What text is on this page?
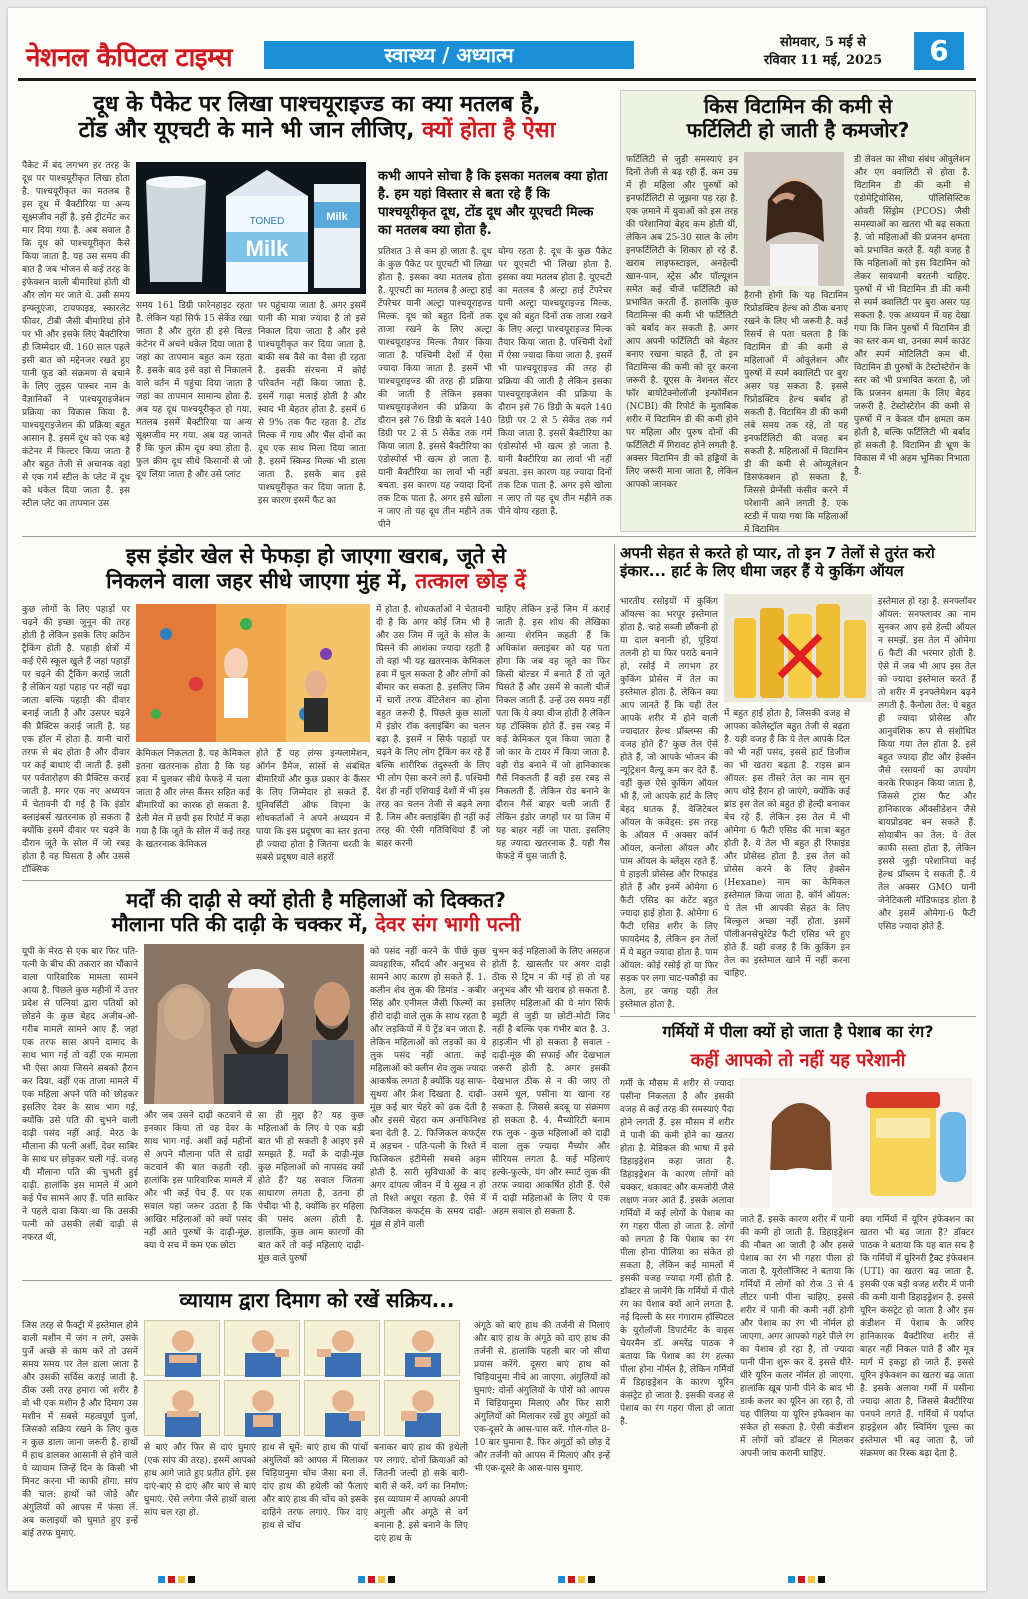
नेशनल कैपिटल टाइम्स	स्वास्थ्य / अध्यात्म
सोमवार, 5 मई से
रविवार 11 मई, 2025	6
दूध के पैकेट पर लिखा पाश्चयूराइज्ड का क्या मतलब है,
टोंड और यूएचटी के माने भी जान लीजिए, क्यों होता है ऐसा
TONED
Milk
Milk
कभी आपने सोचा है कि इसका मतलब क्या होता है. हम यहां विस्तार से बता रहे हैं कि पाश्चयूरीकृत दूध, टोंड दूध और यूएचटी मिल्क का मतलब क्या होता है.
पैकेट में बंद लगभग हर तरह के दूध पर पाश्चयूरीकृत लिखा होता है. पाश्चयूरीकृत का मतलब है इस दूध में बैक्टीरिया या अन्य सूक्ष्मजीव नहीं है. इसे ट्रीटमेंट कर मार दिया गया है. अब सवाल है कि दूध को पाश्चयूरीकृत कैसे किया जाता है. यह उस समय की बात है जब भोजन से कई तरह के इंफेक्शन वाली बीमारियां होती थी और लोग मर जाते थे. उसी समय इन्फ्लूएंजा, टायफाइड, स्कारलेट फीवर, टीबी जैसी बीमारियां होने पर भी और इसके लिए बैक्टीरिया ही जिम्मेदार थी. 160 साल पहले इसी बात को मद्देनजर रखते हुए पानी फूड को संक्रमण से बचाने के लिए लुइस पास्चर नाम के वैज्ञानिकों ने पाश्चयूराइजेशन प्रक्रिया का विकास किया है. पाश्चयूराइजेशन की प्रक्रिया बहुत आसान है. इसमें दूध को एक बड़े कंटेनर में फिल्टर किया जाता है और बहुत तेजी से अचानक वहां से एक गर्म स्टील के प्लेट में दूध को धकेल दिया जाता है. इस स्टील प्लेट का तापमान उस
समय 161 डिग्री फारेनहाइट रहता है. लेकिन यहां सिर्फ 15 सेकेंड रखा जाता है और तुरंत ही इसे चिल्ड कंटेनर में अचने धकेल दिया जाता है जहां का तापमान बहुत कम रहता है. इसके बाद इसे वहां से निकालने वाले वर्तन में पहुंचा दिया जाता है जहां का तापमान सामान्य होता है. अब यह दूध पाश्चयूरीकृत हो गया. मतलब इसमें बैक्टीरिया या अन्य सूक्ष्मजीव मर गया. अब यह जानते हैं कि फुल क्रीम दूध क्या होता है. फुल क्रीम दूध सीधे किसानों से जो दूध लिया जाता है और उसे प्लांट
पर पहुंचाया जाता है. अगर इसमें पानी की मात्रा ज्यादा है तो इसे निकाल दिया जाता है और इसे पाश्चयूरीकृत कर दिया जाता है. बाकी सब वैसे का वैसा ही रहता है. इसकी संरचना में कोई परिवर्तन नहीं किया जाता है. इसमें गाढ़ा मलाई होती है और स्वाद भी बेहतर होता है. इसमें 6 से 9% तक फैट रहता है. टोंड मिल्क में गाय और भैंस दोनों का दूध एक साथ मिला दिया जाता है. इसमें स्किम्ड मिल्क भी डाला जाता है. इसके बाद इसे पाश्चयूरीकृत कर दिया जाता है. इस कारण इसमें फैट का
प्रतिशत 3 से कम हो जाता है. दूध के कुछ पैकेट पर यूएचटी भी लिखा होता है. इसका क्या मतलब होता है. यूएचटी का मतलब है अल्ट्रा हाई टेंपरेचर यानी अल्ट्रा पाश्चयूराइज्ड मिल्क. दूध को बहुत दिनों तक ताजा रखने के लिए अल्ट्रा पाश्चयूराइज्ड मिल्क तैयार किया जाता है. पश्चिमी देशों में ऐसा ज्यादा किया जाता है. इसमें भी पाश्चयूराइज्ड की तरह ही प्रक्रिया की जाती है लेकिन इसका पाश्चयूराइजेशन की प्रक्रिया के दौरान इसे 76 डिग्री के बदले 140 डिग्री पर 2 से 5 सेकेंड तक गर्म किया जाता है. इससे बैक्टीरिया का एंडोस्पोर्स भी खत्म हो जाता है. यानी बैक्टीरिया का लार्वा भी नहीं बचता. इस कारण यह ज्यादा दिनों तक टिक पाता है. अगर इसे खोला न जाए तो यह दूध तीन महीने तक पीने
योग्य रहता है. दूध के कुछ पैकेट पर यूएचटी भी लिखा होता है. इसका क्या मतलब होता है. यूएचटी का मतलब है अल्ट्रा हाई टेंपरेचर यानी अल्ट्रा पाश्चयूराइज्ड मिल्क. दूध को बहुत दिनों तक ताजा रखने के लिए अल्ट्रा पाश्चयूराइज्ड मिल्क तैयार किया जाता है. पश्चिमी देशों में ऐसा ज्यादा किया जाता है. इसमें भी पाश्चयूराइज्ड की तरह ही प्रक्रिया की जाती है लेकिन इसका पाश्चयूराइजेशन की प्रक्रिया के दौरान इसे 76 डिग्री के बदले 140 डिग्री पर 2 से 5 सेकेंड तक गर्म किया जाता है. इससे बैक्टीरिया का एंडोस्पोर्स भी खत्म हो जाता है. यानी बैक्टीरिया का लार्वा भी नहीं बचता. इस कारण यह ज्यादा दिनों तक टिक पाता है. अगर इसे खोला न जाए तो यह दूध तीन महीने तक पीने योग्य रहता है.
किस विटामिन की कमी से
फर्टिलिटी हो जाती है कमजोर?
फर्टिलिटी से जुड़ी समस्याएं इन दिनों तेजी से बढ़ रही हैं. कम उम्र में ही महिला और पुरुषों को इनफर्टिलिटी से जूझना पड़ रहा है. एक ज़माने में युवाओं को इस तरह की परेशानियां बेहद कम होती थीं, लेकिन अब 25-30 साल के लोग इनफर्टिलिटी के शिकार हो रहे हैं. खराब लाइफस्टाइल, अनहेल्दी खान-पान, स्ट्रेस और पॉल्यूशन समेत कई चीजें फर्टिलिटी को प्रभावित करती हैं. हालांकि कुछ विटामिन्स की कमी भी फर्टिलिटी को बर्बाद कर सकती है. अगर आप अपनी फर्टिलिटी को बेहतर बनाए रखना चाहते हैं, तो इन विटामिन्स की कमी को दूर करना जरूरी है. यूएस के नेशनल सेंटर फॉर बायोटेक्नोलॉजी इन्फॉर्मेशन (NCBI) की रिपोर्ट के मुताबिक शरीर में विटामिन डी की कमी होने पर महिला और पुरुष दोनों की फर्टिलिटी में गिरावट होने लगती है. अक्सर विटामिन डी को हड्डियों के लिए जरूरी माना जाता है, लेकिन आपको जानकर
हैरानी होगी कि यह विटामिन रिप्रोडक्टिव हेल्थ को ठीक बनाए रखने के लिए भी जरूरी है. कई रिसर्च से पता चलता है कि विटामिन डी की कमी से महिलाओं में ओवुलेशन और पुरुषों में स्पर्म क्वालिटी पर बुरा असर पड़ सकता है. इससे रिप्रोडक्टिव हेल्थ बर्बाद हो सकती है. विटामिन डी की कमी लंबे समय तक रहे, तो यह इनफर्टिलिटी की वजह बन सकती है. महिलाओं में विटामिन डी की कमी से ओव्यूलेशन डिसफंक्शन हो सकता है, जिससे प्रेग्नेंसी कंसीव करने में परेशानी आने लगती है. एक स्टडी में पाया गया कि महिलाओं में विटामिन
डी लेवल का सीधा संबंध ओवुलेशन और एग क्वालिटी से होता है. विटामिन डी की कमी से एंडोमेट्रियोसिस, पॉलिसिस्टिक ओवरी सिंड्रोम (PCOS) जैसी समस्याओं का खतरा भी बढ़ सकता है. जो महिलाओं की प्रजनन क्षमता को प्रभावित करते हैं. यही वजह है कि महिलाओं को इस विटामिन को लेकर सावधानी बरतनी चाहिए. पुरुषों में भी विटामिन डी की कमी से स्पर्म क्वालिटी पर बुरा असर पड़ सकता है. एक अध्ययन में यह देखा गया कि जिन पुरुषों में विटामिन डी का स्तर कम था, उनका स्पर्म काउंट और स्पर्म मोटिलिटी कम थी. विटामिन डी पुरुषों के टेस्टोस्टेरोन के स्तर को भी प्रभावित करता है, जो कि प्रजनन क्षमता के लिए बेहद जरूरी है. टेस्टोस्टेरोन की कमी से पुरुषों में न केवल यौन क्षमता कम होती है, बल्कि फर्टिलिटी भी बर्बाद हो सकती है. विटामिन डी भ्रूण के विकास में भी अहम भूमिका निभाता है.
इस इंडोर खेल से फेफड़ा हो जाएगा खराब, जूते से
निकलने वाला जहर सीधे जाएगा मुंह में, तत्काल छोड़ दें
कुछ लोगों के लिए पहाड़ों पर चढ़ने की इच्छा जुनून की तरह होती है लेकिन इसके लिए कठिन ट्रैकिंग होती है. पहाड़ी क्षेत्रों में कई ऐसे स्कूल खुले हैं जहां पहाड़ों पर चढ़ने की ट्रैकिंग कराई जाती है लेकिन यहां पहाड़ पर नहीं चढ़ा जाता बल्कि पहाड़ी की दीवार बनाई जाती है और उसपर चढ़ने की प्रैक्टिस कराई जाती है. यह एक हॉल में होता है. यानी चारों तरफ से बंद होता है और दीवार पर कई बाधाएं दी जाती हैं. इसी पर पर्वतारोहण की प्रैक्टिस कराई जाती है. मगर एक नए अध्ययन में चेतावनी दी गई है कि इंडोर क्लाइंबर्स खतरनाक हो सकता है क्योंकि इसमें दीवार पर चढ़ने के दौरान जूते के सोल में जो रबड़ होता है वह घिसता है और उससे टॉक्सिक
केमिकल निकलता है. यह केमिकल इतना खतरनाक होता है कि यह हवा में घुलकर सीधे फेफड़े में चला जाता है और लंग्स कैंसर सहित कई बीमारियों का कारक हो सकता है. डेली मेल में छपी इस रिपोर्ट में कहा गया है कि जूते के सोल में कई तरह के खतरनाक केमिकल
होते हैं यह लंग्स इन्फ्लामेशन, ऑर्गन डैमेज, सांसों से संबंधित बीमारियों और कुछ प्रकार के कैंसर के लिए जिम्मेदार हो सकते हैं. यूनिवर्सिटी ऑफ विएना के शोधकर्ताओं ने अपने अध्ययन में पाया कि इस प्रदूषण का स्तर इतना ही ज्यादा होता है जितना धरती के सबसे प्रदूषण वाले शहरों
में होता है. शोधकर्ताओं ने चेतावनी दी है कि अगर कोई जिम भी है और उस जिम में जूते के सोल के घिसने की आशंका ज्यादा रहती है तो वहां भी यह खतरनाक केमिकल हवा में घुल सकता है और लोगों को बीमार कर सकता है. इसलिए जिम में चारों तरफ वेंटिलेशन का होना बहुत जरूरी है. पिछले कुछ सालों में इंडोर रॉक क्लाइंबिंग का चलन बढ़ा है. इसमें न सिर्फ पहाड़ों पर चढ़ने के लिए लोग ट्रैकिंग कर रहे हैं बल्कि शारीरिक तंदुरुस्ती के लिए भी लोग ऐसा करने लगे हैं. पश्चिमी देश ही नहीं एशियाई देशों में भी इस तरह का चलन तेजी से बढ़ने लगा है. जिम और क्लाइंबिंग ही नहीं कई तरह की ऐसी गतिविधियां हैं जो बाहर करनी
चाहिए लेकिन इन्हें जिम में कराई जाती है. इस शोध की लेखिका आन्या शेरमिन कहती हैं कि अधिकांश क्लाइंबर को यह पता होगा कि जब वह जूते का फिर किसी बोल्डर में बनाते हैं तो जूते घिसते हैं और उसमें से काली चीजें निकल जाती हैं. उन्हें उस समय नहीं पता कि ये क्या चीज होती है लेकिन यह टॉक्सिक होते हैं. इस रबड़ में कई केमिकल यूज किया जाता है जो कार के टायर में किया जाता है. वही रोड बनाने में जो हानिकारक गैसें निकलती हैं वही इस रबड़ से निकलती हैं. लेकिन रोड बनाने के दौरान गैसें बाहर चली जाती हैं लेकिन इंडोर जगहों पर या जिम में यह बाहर नहीं जा पाता. इसलिए यह ज्यादा खतरनाक है. यही गैस फेफड़े में घुस जाती है.
अपनी सेहत से करते हो प्यार, तो इन 7 तेलों से तुरंत करो
इंकार... हार्ट के लिए धीमा जहर हैं ये कुकिंग ऑयल
भारतीय रसोइयों में कुकिंग ऑयल्स का भरपूर इस्तेमाल होता है. चाहे सब्जी छौंकनी हो या दाल बनानी हो, पूड़ियां तलनी हो या फिर पराठे बनाने हो, रसोई में लगभग हर कुकिंग प्रोसेस में तेल का इस्तेमाल होता है. लेकिन क्या आप जानते हैं कि यही तेल आपके शरीर में होने वाली ज्यादातर हेल्थ प्रॉब्लम्स की वजह होते हैं? कुछ तेल ऐसे होते हैं, जो आपके भोजन की न्यूट्रिशन वैल्यू कम कर देते हैं. वहीं कुछ ऐसे कुकिंग ऑयल भी हैं, जो आपके हार्ट के लिए बेहद घातक हैं. वेजिटेबल ऑयल के कवेड्स: इस तरह के ऑयल में अक्सर कॉर्न ऑयल, कनोला ऑयल और पाम ऑयल के ब्लेंड्स रहते हैं. ये हाइली प्रोसेस्ड और रिफाइंड होते हैं और इनमें ओमेगा 6 फैटी एसिड का कंटेंट बहुत ज्यादा हाई होता है. ओमेगा 6 फैटी एसिड शरीर के लिए फायदेमंद है, लेकिन इन तेलों में ये बहुत ज्यादा होता है. पाम ऑयल: कोई रसोई हो या फिर सड़क पर लगा चाट-पकौड़ी का ठेला, हर जगह यही तेल इस्तेमाल होता है.
में बहुत हाई होता है, जिसकी वजह से आपका कोलेस्ट्रॉल बहुत तेजी से बढ़ता है. यही वजह है कि ये तेल आपके दिल को भी नहीं पसंद, इससे हार्ट डिजीज का भी खतरा बढ़ता है. राइस ब्रान ऑयल: इस तीसरे तेल का नाम सुन आप थोड़े हैरान हो जाएंगे, क्योंकि कई ब्रांड इस तेल को बहुत ही हेल्दी बनाकर बेच रहे हैं. लेकिन इस तेल में भी ओमेगा 6 फैटी एसिड की मात्रा बहुत होती है. ये तेल भी बहुत ही रिफाइंड और प्रोसेस्ड होता है. इस तेल को प्रोसेस करने के लिए हेक्सेन (Hexane) नाम का केमिकल इस्तेमाल किया जाता है. कॉर्न ऑयल: ये तेल भी आपकी सेहत के लिए बिल्कुल अच्छा नहीं होता. इसमें पॉलीअनसेचुरेटेड फैटी एसिड भरे हुए होते हैं. यही वजह है कि कुकिंग इन तेल का इस्तेमाल खाने में नहीं करना चाहिए.
इस्तेमाल हो रहा है. सनफ्लॉवर ऑयल: सनफ्लावर का नाम सुनकर आप इसे हेल्दी ऑयल न समझें. इस तेल में ओमेगा 6 फैटी की भरमार होती है. ऐसे में जब भी आप इस तेल को ज्यादा इस्तेमाल करते हैं तो शरीर में इनफ्लेमेशन बढ़ने लगती है. कैनोला तेल: ये बहुत ही ज्यादा प्रोसेस्ड और आनुवंशिक रूप से संशोधित किया गया तेल होता है. इसे बहुत ज्यादा हीट और हेक्सेन जैसे रसायनों का उपयोग करके रिफाइन किया जाता है, जिससे ट्रांस फैट और हानिकारक ऑक्सीडेशन जैसे बायप्रोडक्ट बन सकते हैं. सोयाबीन का तेल: ये तेल काफी सस्ता होता है, लेकिन इससे जुड़ी परेशानियां कई हेल्थ प्रॉब्लम दे सकती हैं. ये तेल अक्सर GMO यानी जेनेटिकली मॉडिफाइड होता है और इसमें ओमेगा-6 फैटी एसिड ज्यादा होते हैं.
मर्दों की दाढ़ी से क्यों होती है महिलाओं को दिक्कत?
मौलाना पति की दाढ़ी के चक्कर में, देवर संग भागी पत्नी
यूपी के मेरठ से एक बार फिर पति-पत्नी के बीच की तकरार का चौंकाने वाला पारिवारिक मामला सामने आया है. पिछले कुछ महीनों में उत्तर प्रदेश से पत्नियां द्वारा पतियों को छोड़ने के कुछ बेहद अजीब-ओ-गरीब मामले सामने आए हैं. जहां एक तरफ सास अपने दामाद के साथ भाग गई तो वहीं एक मामला भी ऐसा आया जिसने सबको हैरान कर दिया. वहीं एक ताजा मामले में एक महिला अपने पति को छोड़कर इसलिए देवर के साथ भाग गई, क्योंकि उसे पति की चुभने वाली दाढ़ी पसंद नहीं आई. मेरठ के मौलाना की पत्नी अर्शी, देवर साबिर के साथ घर छोड़कर चली गई. वजह थी मौलाना पति की चुभती हुई दाढ़ी. हालांकि इस मामले में आगे कई पेंच सामने आए हैं. पति साकिर ने पहले दावा किया था कि उसकी पत्नी को उसकी लंबी दाढ़ी से नफरत थी,
और जब उसने दाढ़ी कटवाने से इनकार किया तो वह देवर के साथ भाग गई. अर्शी कई महीनों से अपने मौलाना पति से दाढ़ी कटवाने की बात कहती रही. हालांकि इस पारिवारिक मामले में और भी कई पेच हैं. पर एक सवाल यहां जरूर उठता है कि आखिर महिलाओं को क्यों पसंद नहीं आते पुरुषों के दाढ़ी-मूंछ. क्या ये सच में कम एक छोटा
सा ही मुद्दा है? यह कुछ महिलाओं के लिए ये एक बड़ी बात भी हो सकती है आइए इसे समझते हैं. मर्दों के दाढ़ी-मूंछ कुछ महिलाओं को नापसंद क्यों होते हैं? यह सवाल जितना साधारण लगता है, उतना ही पेचीदा भी है, क्योंकि हर महिला की पसंद अलग होती है. हालांकि, कुछ आम कारणों की बात करें तो कई महिलाएं दाढ़ी-मूंछ वाले पुरुषों
को पसंद नहीं करने के पीछे कुछ व्यवहारिक, सौंदर्य और अनुभव से सामने आए कारण हो सकते हैं. 1. कलीन शेव लुक की डिमांड - कबीर सिंह और एनीमल जैसी फिल्मों का हीरो दाढ़ी वाले लुक के साथ रहता है और लड़कियों में ये ट्रेंड बन जाता है. लेकिन महिलाओं को लड़कों का ये लुक पसंद नहीं आता. कई महिलाओं को क्लीन शेव लुक ज्यादा आकर्षक लगता है क्योंकि यह साफ-सुथरा और फ्रेश दिखता है. दाढ़ी-मूंछ कई बार चेहरे को ढक देती है और इससे चेहरा कम अनफिनिश्ड बना देती है. 2. फिजिकल कंफर्ट्स में अड़चन - पति-पत्नी के रिश्ते में फिजिकल इंटीमेसी सबसे अहम होती है. सारी सुविधाओं के बाद अगर दांपत्य जीवन में ये सुख न हो तो रिश्ते अधूरा रहता है. ऐसे में फिजिकल कंफर्ट्स के समय दाढ़ी-मूंछ से होने वाली
चुभन कई महिलाओं के लिए असहज होती है. खासतौर पर अगर दाढ़ी ठीक से ट्रिम न की गई हो तो यह अनुभव और भी खराब हो सकता है. इसलिए महिलाओं की ये मांग सिर्फ ब्यूटी से जुड़ी या छोटी-मोटी जिद नहीं है बल्कि एक गंभीर बात है. 3. हाइजीन भी हो सकता है सवाल - दाढ़ी-मूंछ की सफाई और देखभाल जरूरी होती है. अगर इसकी देखभाल ठीक से न की जाए तो उसमें धूल, पसीना या खाना रह सकता है. जिससे बदबू या संक्रमण हो सकता है. 4. मैच्योरिटी बनाम रफ लुक - कुछ महिलाओं को दाढ़ी वाला लुक ज्यादा मैच्योर और सीरियस लगता है. कई महिलाएं हल्के-फुल्के, यंग और स्मार्ट लुक की तरफ ज्यादा आकर्षित होती हैं. ऐसे में दाढ़ी महिलाओं के लिए ये एक अहम सवाल हो सकता है.
गर्मियों में पीला क्यों हो जाता है पेशाब का रंग?
कहीं आपको तो नहीं यह परेशानी
गर्मी के मौसम में शरीर से ज्यादा पसीना निकलता है और इसकी वजह से कई तरह की समस्याएं पैदा होने लगती हैं. इस मौसम में शरीर में पानी की कमी होने का खतरा होता है. मेडिकल की भाषा में इसे डिहाइड्रेशन कहा जाता है. डिहाइड्रेशन के कारण लोगों को चक्कर, थकावट और कमजोरी जैसे लक्षण नजर आते हैं. इसके अलावा गर्मियों में कई लोगों के पेशाब का रंग गहरा पीला हो जाता है. लोगों को लगता है कि पेशाब का रंग पीला होना पीलिया का संकेत हो सकता है, लेकिन कई मामलों में इसकी वजह ज्यादा गर्मी होती है. डॉक्टर से जानेंगे कि गर्मियों में पीले रंग का पेशाब क्यों आने लगता है. नई दिल्ली के सर गंगाराम हॉस्पिटल के यूरोलॉजी डिपार्टमेंट के वाइस चेयरमैन डॉ. अमरेंद्र पाठक ने बताया कि पेशाब का रंग हल्का पीला होना नॉर्मल है, लेकिन गर्मियों में डिहाइड्रेशन के कारण यूरिन कंसंट्रेट हो जाता है. इसकी वजह से पेशाब का रंग गहरा पीला हो जाता है.
जाते हैं. इसके कारण शरीर में पानी की कमी हो जाती है. डिहाइड्रेशन की नौबत आ जाती है और इससे पेशाब का रंग भी गहरा पीला हो जाता है. यूरोलॉजिस्ट ने बताया कि गर्मियों में लोगों को रोज 3 से 4 लीटर पानी पीना चाहिए. इससे शरीर में पानी की कमी नहीं होगी और पेशाब का रंग भी नॉर्मल हो जाएगा. अगर आपको गहरे पीले रंग का पेशाब हो रहा है, तो ज्यादा पानी पीना शुरू कर दें. इससे धीरे-धीरे यूरिन कलर नॉर्मल हो जाएगा. हालांकि खूब पानी पीने के बाद भी डार्क कलर का यूरिन आ रहा है, तो यह पीलिया या यूरिन इंफेक्शन का संकेत हो सकता है. ऐसी कंडीशन में लोगों को डॉक्टर से मिलकर अपनी जांच करानी चाहिए.
क्या गर्मियों में यूरिन इंफेक्शन का खतरा भी बढ़ जाता है? डॉक्टर पाठक ने बताया कि यह बात सच है कि गर्मियों में यूरिनरी ट्रैक्ट इंफेक्शन (UTI) का खतरा बढ़ जाता है. इसकी एक बड़ी वजह शरीर में पानी की कमी यानी डिहाइड्रेशन है. इससे यूरिन कंसंट्रेट हो जाता है और इस कंडीशन में पेशाब के जरिए हानिकारक बैक्टीरिया शरीर से बाहर नहीं निकल पाते हैं और मूत्र मार्ग में इकट्ठा हो जाते हैं. इससे यूरिन इंफेक्शन का खतरा बढ़ जाता है. इसके अलावा गर्मी में पसीना ज्यादा आता है, जिससे बैक्टीरिया पनपने लगते हैं. गर्मियों में पर्याप्त हाइड्रेशन और स्विमिंग पूल्स का इस्तेमाल भी बढ़ जाता है, जो संक्रमण का रिस्क बढ़ा देता है.
व्यायाम द्वारा दिमाग को रखें सक्रिय...
जिस तरह से फैक्ट्री में इस्तेमाल होने वाली मशीन में जंग न लगे, उसके पुर्जे अच्छे से काम करें तो उसमें समय समय पर तेल डाला जाता है और उसकी सर्विस कराई जाती है. ठीक उसी तरह हमारा जो शरीर है वो भी एक मशीन है और दिमाग उस मशीन में सबसे महत्वपूर्ण पुर्जा, जिसको सक्रिय रखने के लिए कुछ न कुछ डाला जाना जरूरी है. हाथों में हाथ डालकर आसानी से होने वाले ये व्यायाम जिन्हें दिन के किसी भी मिनट करना भी काफी होगा. सांप की चाल: हाथों को जोड़ें और अंगुलियों को आपस में फंसा लें. अब कलाइयों को घुमाते हुए इन्हें बांई तरफ घुमाएं.
से बाएं और फिर से दाएं घुमाएं (एक सांप की तरह). इसमें आपको हाथ आगे जाते हुए प्रतीत होंगे. इस दाएं-बाएं से दाएं और बाएं से बाएं घुमाएं. ऐसे लगेगा जैसे हाथों वाला सांप चल रहा हो.
हाथ से चूमें: बाएं हाथ की पांचों अंगुलियों को आपस में मिलाकर चिड़ियानुमा चोंच जैसा बना लें. दांए हाथ की हथेली को फैलाएं और बाएं हाथ की चोंच को इसके दाहिने तरफ लगाएं. फिर दाएं हाथ से चोंच
बनाकर बाएं हाथ की हथेली पर लगाएं. दोनों क्रियाओं को जितनी जल्दी हो सके बारी-बारी से करें. वर्ग का निर्माण: इस व्यायाम में आपको अपनी अंगुली और अंगूठे से वर्ग बनाना है. इसे बनाने के लिए दाएं हाथ के
अंगूठे को बाएं हाथ की तर्जनी से मिलाएं और बाएं हाथ के अंगूठे को दाएं हाथ की तर्जनी से. हालांकि पहली बार जो सीधा प्रयास करेंगे. दूसरा बाएं हाथ को चिड़ियानुमा नीचे आ जाएगा. अंगुलियों को घुमाएं: दोनों अंगुलियों के पोरों को आपस में चिड़ियानुमा मिलाएं और फिर सारी अंगुलियों को मिलाकर रखें हुए अंगूठों को एक-दूसरे के आस-पास करें. गोल-गोल 8-10 बार घुमाना है. फिर अंगूठों को छोड़ दें और तर्जनी को आपस में मिलाएं और इन्हें भी एक-दूसरे के आस-पास घुमाएं.
